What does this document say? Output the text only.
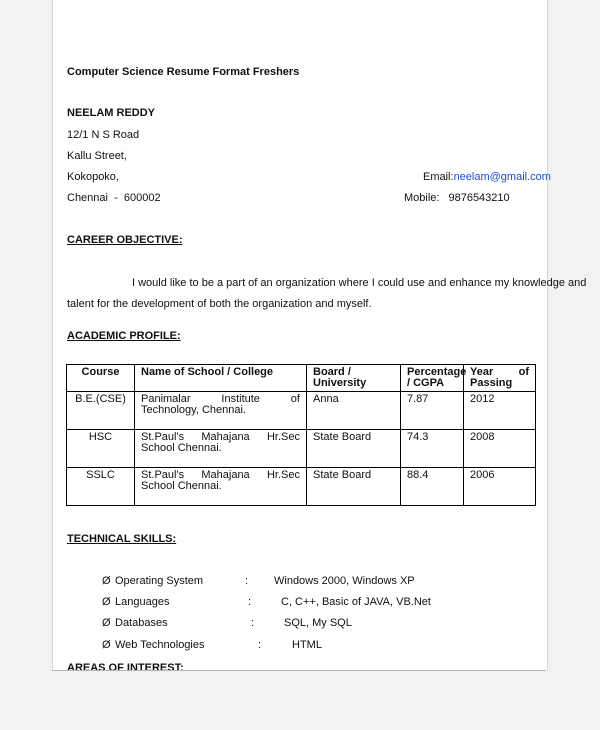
Computer Science Resume Format Freshers
NEELAM REDDY
12/1 N S Road
Kallu Street,
Kokopoko,
Chennai  -  600002
Email:neelam@gmail.com
Mobile: 9876543210
CAREER OBJECTIVE:
I would like to be a part of an organization where I could use and enhance my knowledge and
talent for the development of both the organization and myself.
ACADEMIC PROFILE:
Course	Name of School / College	Board / University	Percentage / CGPA	Year of Passing
B.E.(CSE)	Panimalar Institute of Technology, Chennai.	Anna	7.87	2012
HSC	St.Paul's Mahajana Hr.Sec School Chennai.	State Board	74.3	2008
SSLC	St.Paul's Mahajana Hr.Sec School Chennai.	State Board	88.4	2006
TECHNICAL SKILLS:
Ø Operating System	: Windows 2000, Windows XP
Ø Languages	:	C, C++, Basic of JAVA, VB.Net
Ø Databases	:	SQL, My SQL
Ø Web Technologies	:	HTML
AREAS OF INTEREST:
